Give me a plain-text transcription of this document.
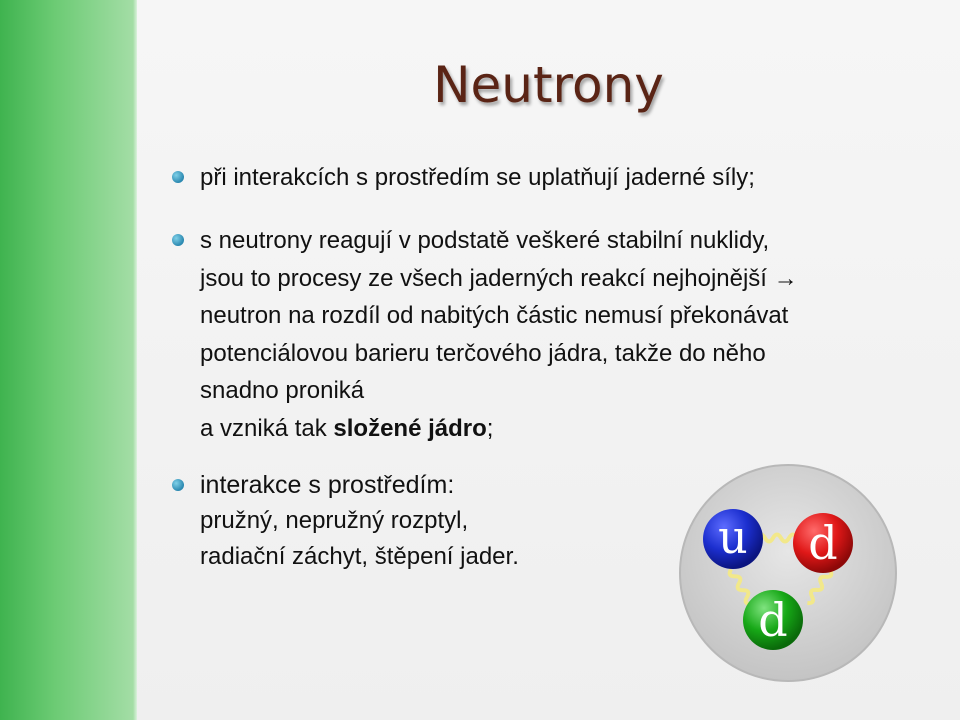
Neutrony
při interakcích s prostředím se uplatňují jaderné síly;
s neutrony reagují v podstatě veškeré stabilní nuklidy,
jsou to procesy ze všech jaderných reakcí nejhojnější →
neutron na rozdíl od nabitých částic nemusí překonávat
potenciálovou barieru terčového jádra, takže do něho
snadno proniká
a vzniká tak složené jádro;
interakce s prostředím:
pružný, nepružný rozptyl,
radiační záchyt, štěpení jader.	u d
d
